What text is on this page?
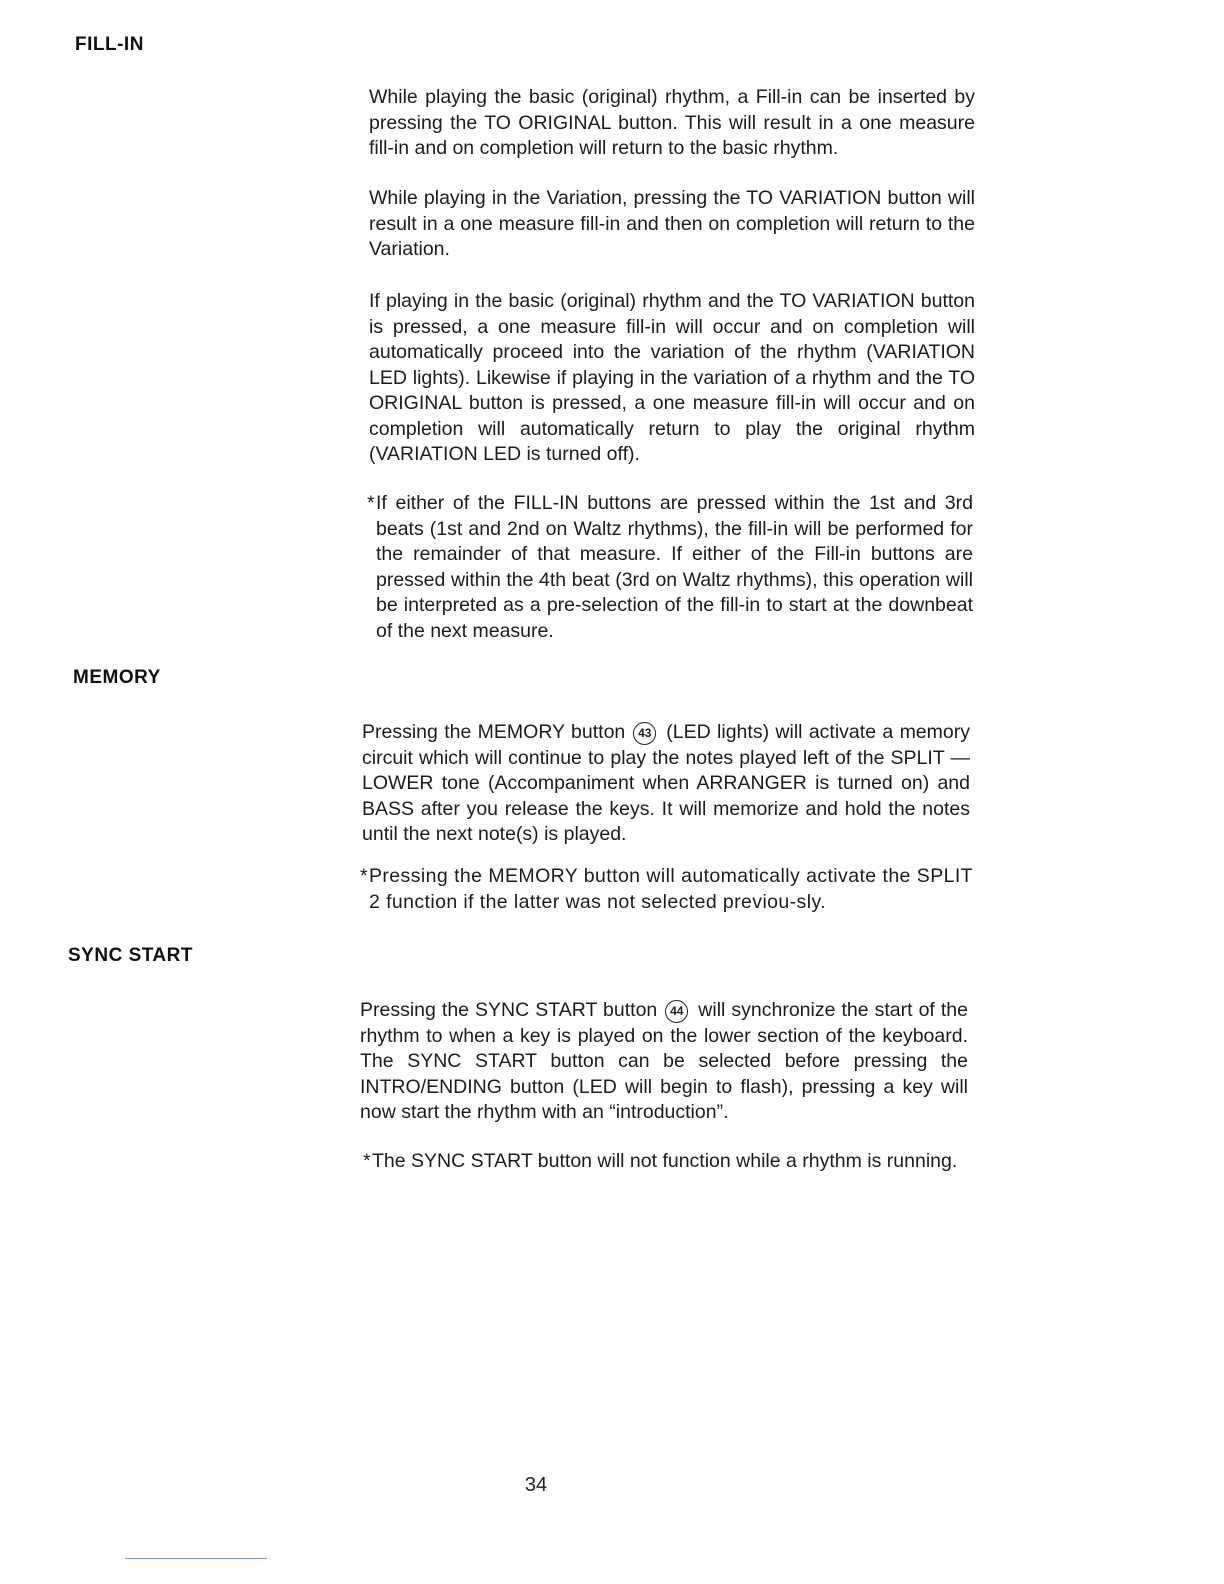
FILL-IN

While playing the basic (original) rhythm, a Fill-in can be inserted by pressing the TO ORIGINAL button. This will result in a one measure fill-in and on completion will return to the basic rhythm.

While playing in the Variation, pressing the TO VARIATION button will result in a one measure fill-in and then on completion will return to the Variation.

If playing in the basic (original) rhythm and the TO VARIATION button is pressed, a one measure fill-in will occur and on completion will automatically proceed into the variation of the rhythm (VARIATION LED lights). Likewise if playing in the variation of a rhythm and the TO ORIGINAL button is pressed, a one measure fill-in will occur and on completion will automatically return to play the original rhythm (VARIATION LED is turned off).

*If either of the FILL-IN buttons are pressed within the 1st and 3rd beats (1st and 2nd on Waltz rhythms), the fill-in will be performed for the remainder of that measure. If either of the Fill-in buttons are pressed within the 4th beat (3rd on Waltz rhythms), this operation will be interpreted as a pre-selection of the fill-in to start at the downbeat of the next measure.

MEMORY

Pressing the MEMORY button 43 (LED lights) will activate a memory circuit which will continue to play the notes played left of the SPLIT — LOWER tone (Accompaniment when ARRANGER is turned on) and BASS after you release the keys. It will memorize and hold the notes until the next note(s) is played.

*Pressing the MEMORY button will automatically activate the SPLIT 2 function if the latter was not selected previou-sly.

SYNC START

Pressing the SYNC START button 44 will synchronize the start of the rhythm to when a key is played on the lower section of the keyboard. The SYNC START button can be selected before pressing the INTRO/ENDING button (LED will begin to flash), pressing a key will now start the rhythm with an “introduction”.

*The SYNC START button will not function while a rhythm is running.

34
